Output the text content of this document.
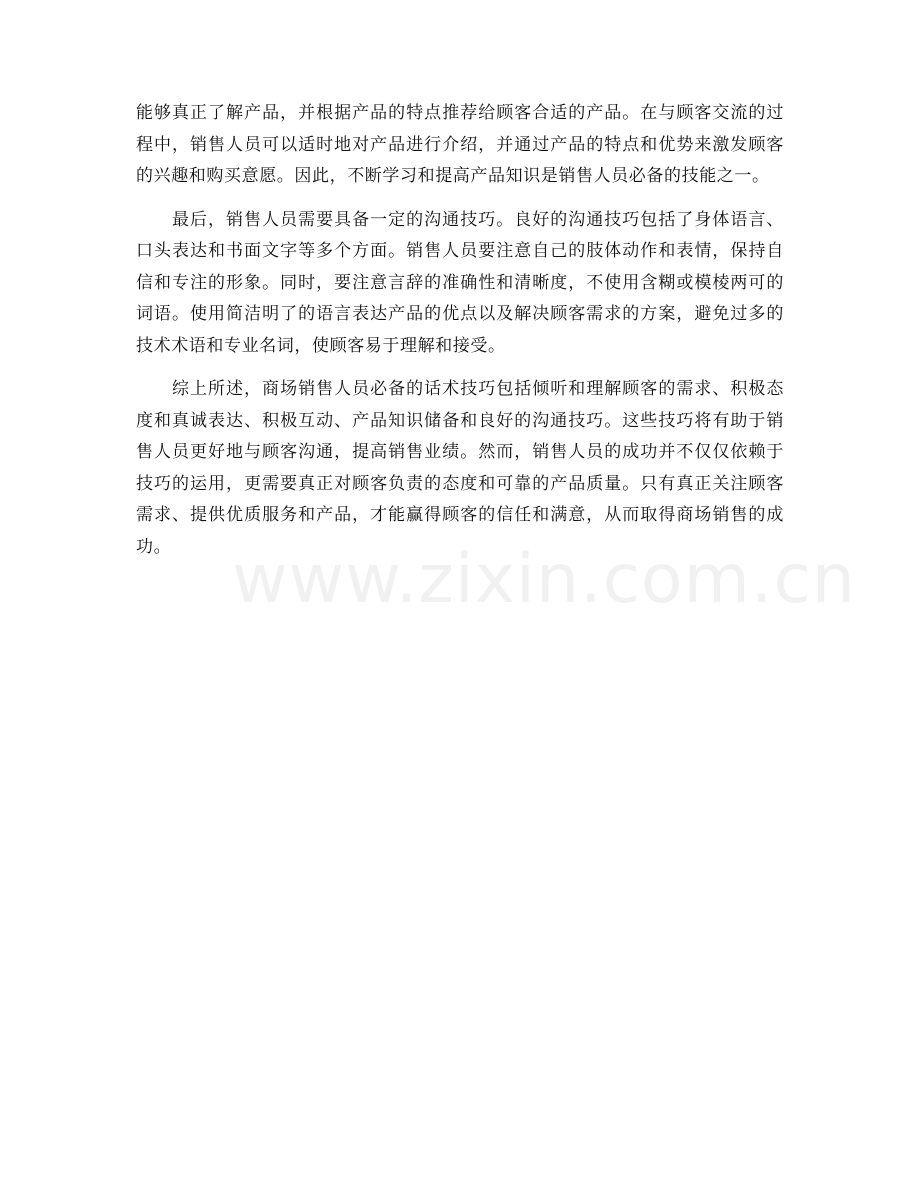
能够真正了解产品，并根据产品的特点推荐给顾客合适的产品。在与顾客交流的过程中，销售人员可以适时地对产品进行介绍，并通过产品的特点和优势来激发顾客的兴趣和购买意愿。因此，不断学习和提高产品知识是销售人员必备的技能之一。

最后，销售人员需要具备一定的沟通技巧。良好的沟通技巧包括了身体语言、口头表达和书面文字等多个方面。销售人员要注意自己的肢体动作和表情，保持自信和专注的形象。同时，要注意言辞的准确性和清晰度，不使用含糊或模棱两可的词语。使用简洁明了的语言表达产品的优点以及解决顾客需求的方案，避免过多的技术术语和专业名词，使顾客易于理解和接受。

综上所述，商场销售人员必备的话术技巧包括倾听和理解顾客的需求、积极态度和真诚表达、积极互动、产品知识储备和良好的沟通技巧。这些技巧将有助于销售人员更好地与顾客沟通，提高销售业绩。然而，销售人员的成功并不仅仅依赖于技巧的运用，更需要真正对顾客负责的态度和可靠的产品质量。只有真正关注顾客需求、提供优质服务和产品，才能赢得顾客的信任和满意，从而取得商场销售的成功。 www.zixin.com.cn
